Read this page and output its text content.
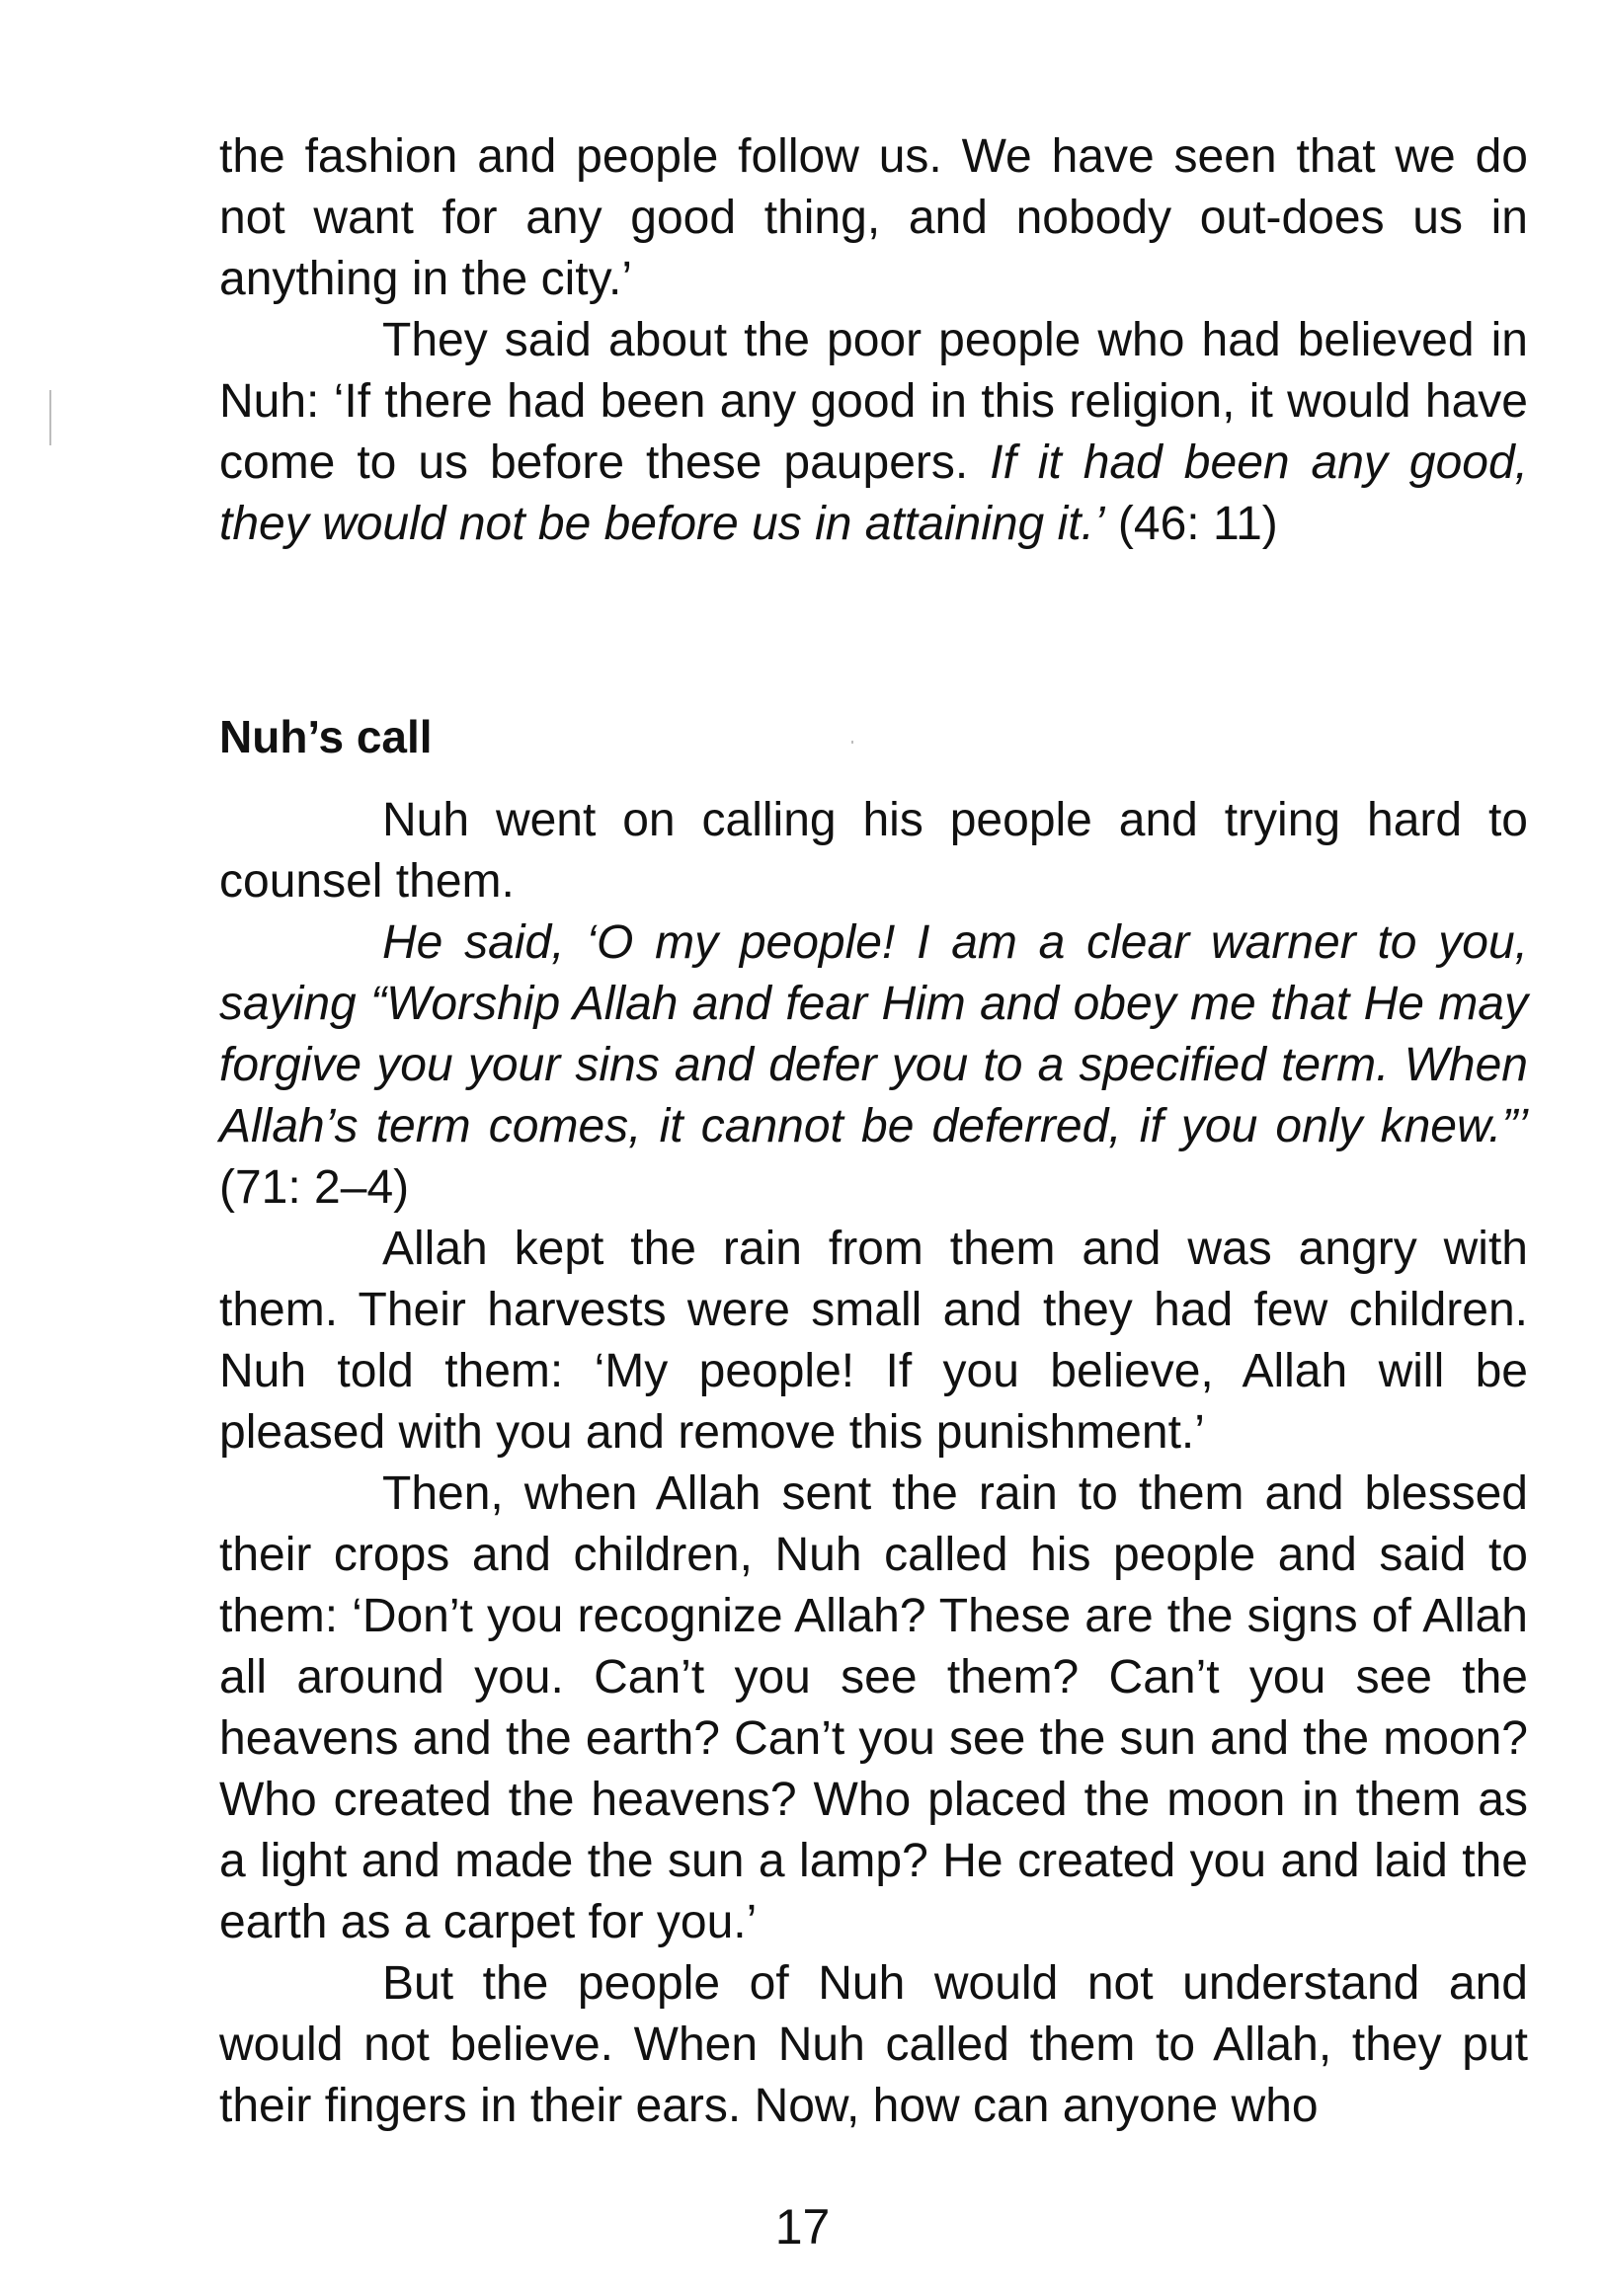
the fashion and people follow us. We have seen that we do not want for any good thing, and nobody out-does us in anything in the city.’

They said about the poor people who had believed in Nuh: ‘If there had been any good in this religion, it would have come to us before these paupers. If it had been any good, they would not be before us in attaining it.’ (46: 11)

Nuh’s call

Nuh went on calling his people and trying hard to counsel them.

He said, ‘O my people! I am a clear warner to you, saying “Worship Allah and fear Him and obey me that He may forgive you your sins and defer you to a specified term. When Allah’s term comes, it cannot be deferred, if you only knew.”’ (71: 2–4)

Allah kept the rain from them and was angry with them. Their harvests were small and they had few children. Nuh told them: ‘My people! If you believe, Allah will be pleased with you and remove this punishment.’

Then, when Allah sent the rain to them and blessed their crops and children, Nuh called his people and said to them: ‘Don’t you recognize Allah? These are the signs of Allah all around you. Can’t you see them? Can’t you see the heavens and the earth? Can’t you see the sun and the moon? Who created the heavens? Who placed the moon in them as a light and made the sun a lamp? He created you and laid the earth as a carpet for you.’

But the people of Nuh would not understand and would not believe. When Nuh called them to Allah, they put their fingers in their ears. Now, how can anyone who

17
